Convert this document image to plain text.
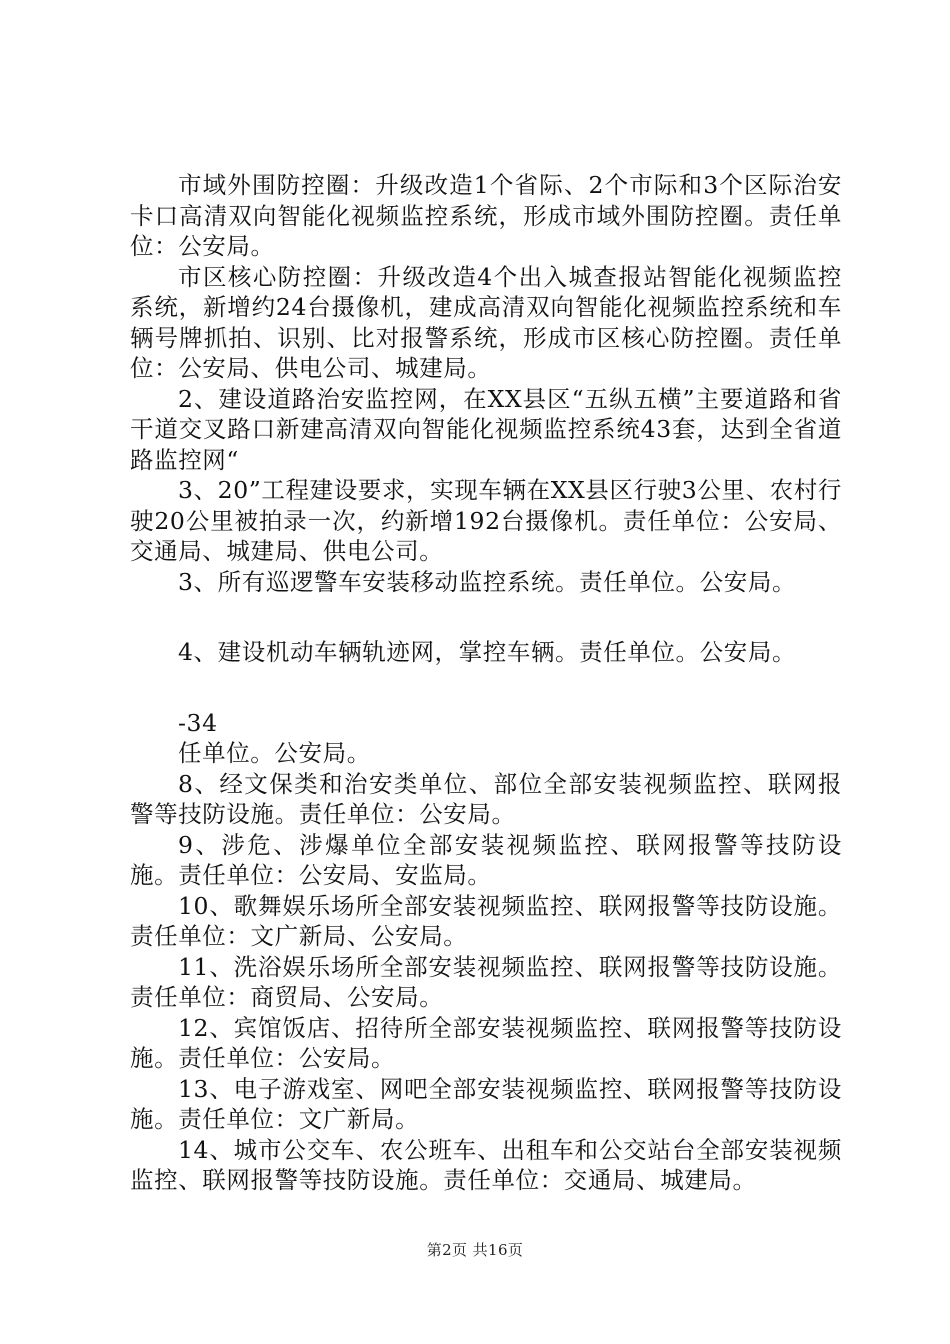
市域外围防控圈：升级改造1个省际、2个市际和3个区际治安卡口高清双向智能化视频监控系统，形成市域外围防控圈。责任单位：公安局。

市区核心防控圈：升级改造4个出入城查报站智能化视频监控系统，新增约24台摄像机，建成高清双向智能化视频监控系统和车辆号牌抓拍、识别、比对报警系统，形成市区核心防控圈。责任单位：公安局、供电公司、城建局。

2、建设道路治安监控网，在XX县区“五纵五横”主要道路和省干道交叉路口新建高清双向智能化视频监控系统43套，达到全省道路监控网“

3、20”工程建设要求，实现车辆在XX县区行驶3公里、农村行驶20公里被拍录一次，约新增192台摄像机。责任单位：公安局、交通局、城建局、供电公司。

3、所有巡逻警车安装移动监控系统。责任单位。公安局。

4、建设机动车辆轨迹网，掌控车辆。责任单位。公安局。

-34

任单位。公安局。

8、经文保类和治安类单位、部位全部安装视频监控、联网报警等技防设施。责任单位：公安局。

9、涉危、涉爆单位全部安装视频监控、联网报警等技防设施。责任单位：公安局、安监局。

10、歌舞娱乐场所全部安装视频监控、联网报警等技防设施。责任单位：文广新局、公安局。

11、洗浴娱乐场所全部安装视频监控、联网报警等技防设施。责任单位：商贸局、公安局。

12、宾馆饭店、招待所全部安装视频监控、联网报警等技防设施。责任单位：公安局。

13、电子游戏室、网吧全部安装视频监控、联网报警等技防设施。责任单位：文广新局。

14、城市公交车、农公班车、出租车和公交站台全部安装视频监控、联网报警等技防设施。责任单位：交通局、城建局。

第2页 共16页
